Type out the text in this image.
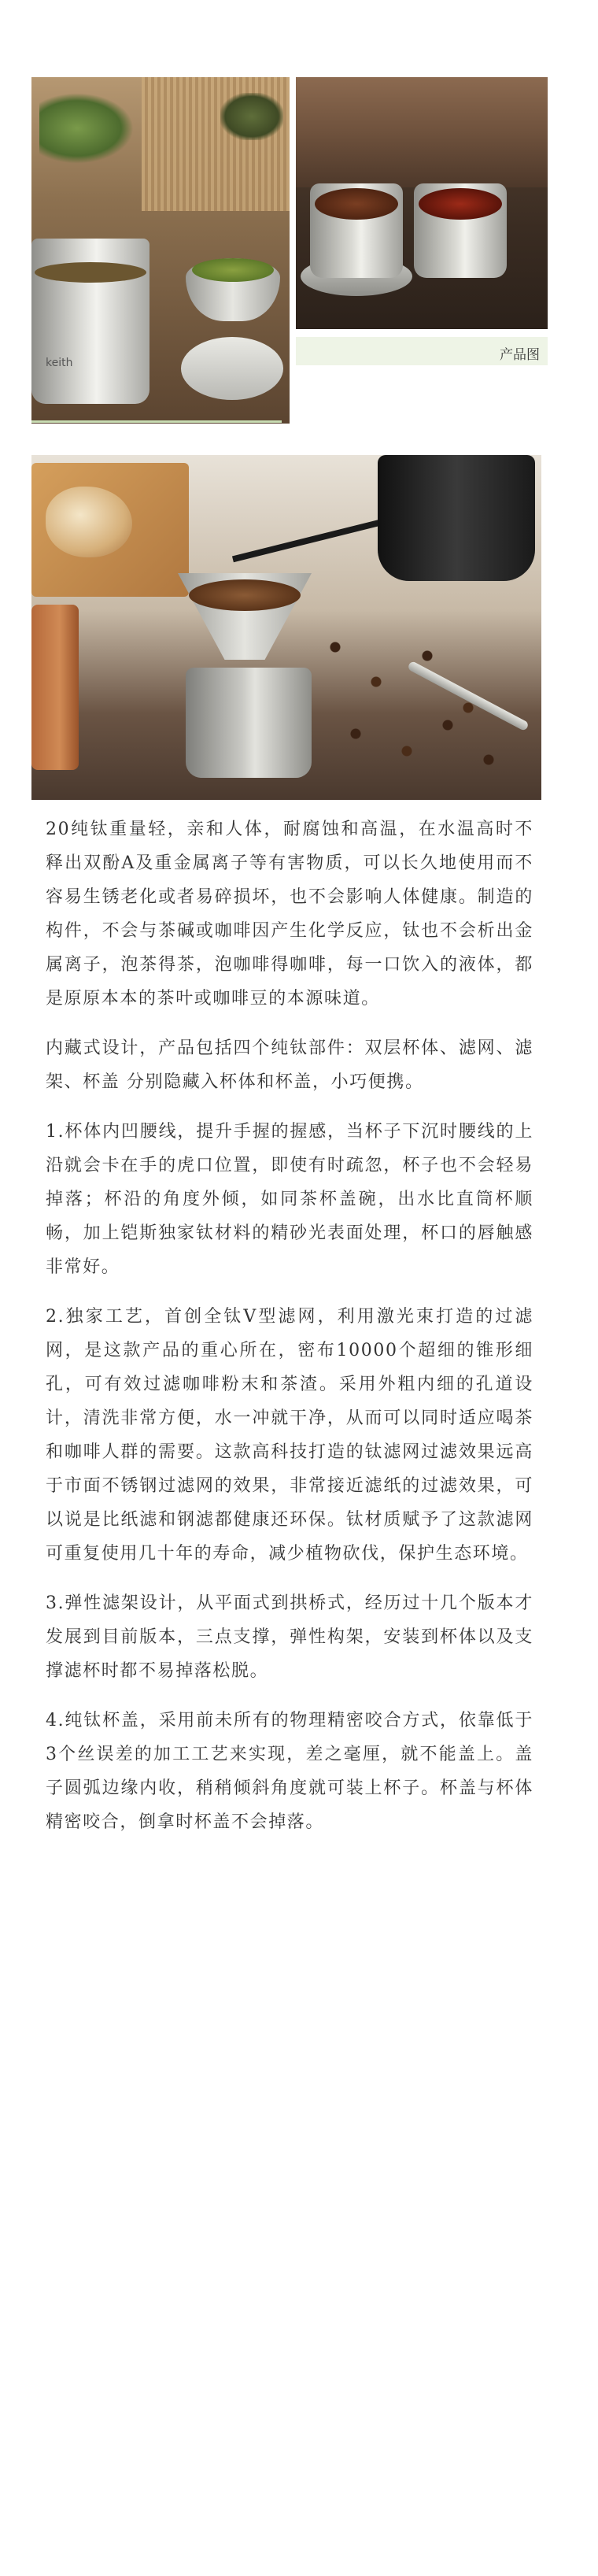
keith	产品图

20纯钛重量轻，亲和人体，耐腐蚀和高温，在水温高时不释出双酚A及重金属离子等有害物质，可以长久地使用而不容易生锈老化或者易碎损坏，也不会影响人体健康。制造的构件，不会与茶碱或咖啡因产生化学反应，钛也不会析出金属离子，泡茶得茶，泡咖啡得咖啡，每一口饮入的液体，都是原原本本的茶叶或咖啡豆的本源味道。

内藏式设计，产品包括四个纯钛部件：双层杯体、滤网、滤架、杯盖 分别隐藏入杯体和杯盖，小巧便携。

1.杯体内凹腰线，提升手握的握感，当杯子下沉时腰线的上沿就会卡在手的虎口位置，即使有时疏忽，杯子也不会轻易掉落；杯沿的角度外倾，如同茶杯盖碗，出水比直筒杯顺畅，加上铠斯独家钛材料的精砂光表面处理，杯口的唇触感非常好。

2.独家工艺，首创全钛V型滤网，利用激光束打造的过滤网，是这款产品的重心所在，密布10000个超细的锥形细孔，可有效过滤咖啡粉末和茶渣。采用外粗内细的孔道设计，清洗非常方便，水一冲就干净，从而可以同时适应喝茶和咖啡人群的需要。这款高科技打造的钛滤网过滤效果远高于市面不锈钢过滤网的效果，非常接近滤纸的过滤效果，可以说是比纸滤和钢滤都健康还环保。钛材质赋予了这款滤网可重复使用几十年的寿命，减少植物砍伐，保护生态环境。

3.弹性滤架设计，从平面式到拱桥式，经历过十几个版本才发展到目前版本，三点支撑，弹性构架，安装到杯体以及支撑滤杯时都不易掉落松脱。

4.纯钛杯盖，采用前未所有的物理精密咬合方式，依靠低于3个丝误差的加工工艺来实现，差之毫厘，就不能盖上。盖子圆弧边缘内收，稍稍倾斜角度就可装上杯子。杯盖与杯体精密咬合，倒拿时杯盖不会掉落。
